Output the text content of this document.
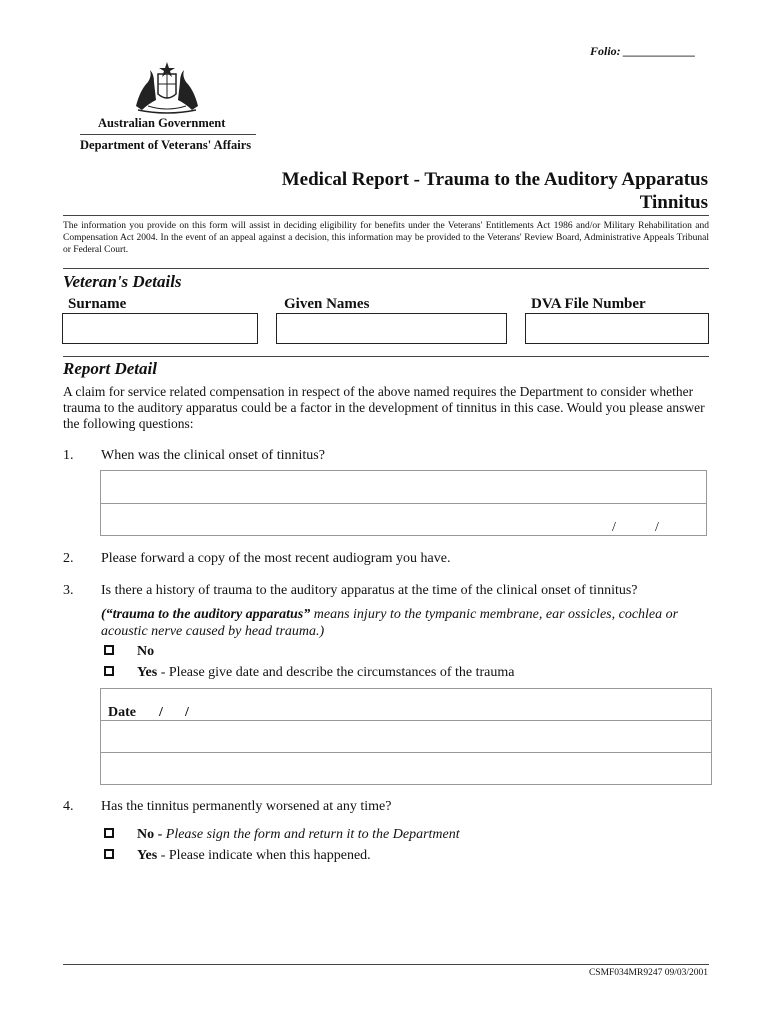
Folio: ____________
Australian Government
Department of Veterans' Affairs
Medical Report - Trauma to the Auditory Apparatus
Tinnitus
The information you provide on this form will assist in deciding eligibility for benefits under the Veterans' Entitlements Act 1986 and/or Military Rehabilitation and Compensation Act 2004. In the event of an appeal against a decision, this information may be provided to the Veterans' Review Board, Administrative Appeals Tribunal or Federal Court.
Veteran's Details
Surname	Given Names	DVA File Number
Report Detail
A claim for service related compensation in respect of the above named requires the Department to consider whether trauma to the auditory apparatus could be a factor in the development of tinnitus in this case. Would you please answer the following questions:
1. When was the clinical onset of tinnitus?
/	/
2. Please forward a copy of the most recent audiogram you have.
3. Is there a history of trauma to the auditory apparatus at the time of the clinical onset of tinnitus?
(“trauma to the auditory apparatus” means injury to the tympanic membrane, ear ossicles, cochlea or acoustic nerve caused by head trauma.)
No
Yes - Please give date and describe the circumstances of the trauma
Date / /
4. Has the tinnitus permanently worsened at any time?
No - Please sign the form and return it to the Department
Yes - Please indicate when this happened.
CSMF034MR9247 09/03/2001
